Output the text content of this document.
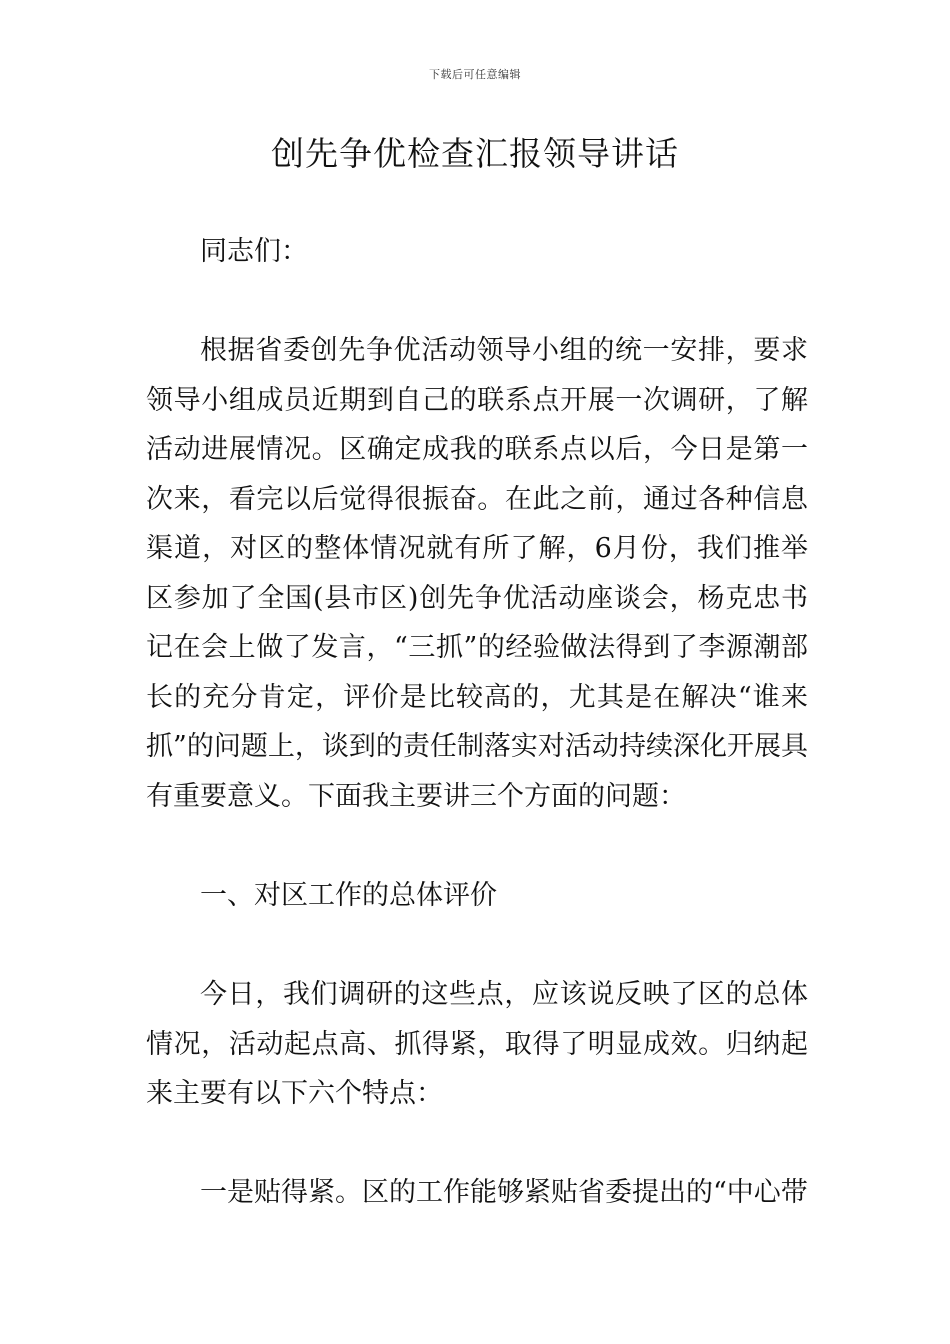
下载后可任意编辑
创先争优检查汇报领导讲话
同志们：
根据省委创先争优活动领导小组的统一安排，要求领导小组成员近期到自己的联系点开展一次调研，了解活动进展情况。区确定成我的联系点以后，今日是第一次来，看完以后觉得很振奋。在此之前，通过各种信息渠道，对区的整体情况就有所了解，6月份，我们推举区参加了全国(县市区)创先争优活动座谈会，杨克忠书记在会上做了发言，“三抓”的经验做法得到了李源潮部长的充分肯定，评价是比较高的，尤其是在解决“谁来抓”的问题上，谈到的责任制落实对活动持续深化开展具有重要意义。下面我主要讲三个方面的问题：
一、对区工作的总体评价
今日，我们调研的这些点，应该说反映了区的总体情况，活动起点高、抓得紧，取得了明显成效。归纳起来主要有以下六个特点：
一是贴得紧。区的工作能够紧贴省委提出的“中心带
